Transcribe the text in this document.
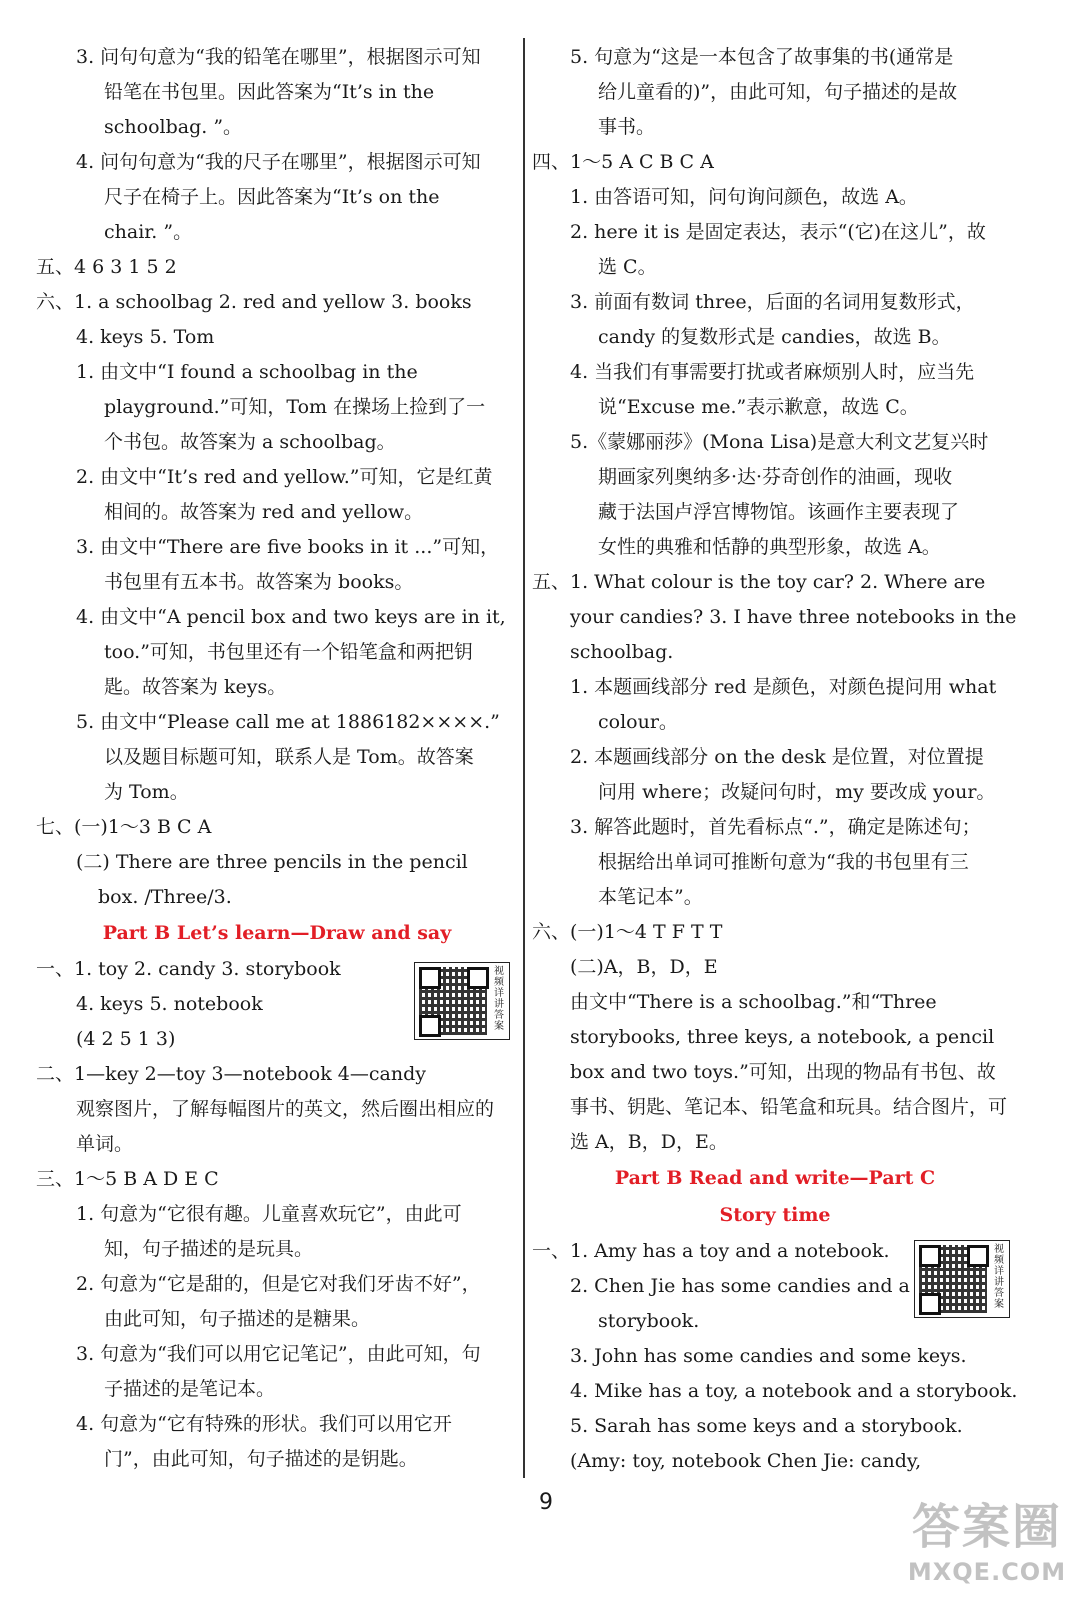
3. 问句句意为“我的铅笔在哪里”，根据图示可知
铅笔在书包里。因此答案为“It’s in the
schoolbag. ”。
4. 问句句意为“我的尺子在哪里”，根据图示可知
尺子在椅子上。因此答案为“It’s on the
chair. ”。
五、4 6 3 1 5 2
六、1. a schoolbag 2. red and yellow 3. books
4. keys 5. Tom
1. 由文中“I found a schoolbag in the
playground.”可知，Tom 在操场上捡到了一
个书包。故答案为 a schoolbag。
2. 由文中“It’s red and yellow.”可知，它是红黄
相间的。故答案为 red and yellow。
3. 由文中“There are five books in it ...”可知，
书包里有五本书。故答案为 books。
4. 由文中“A pencil box and two keys are in it,
too.”可知，书包里还有一个铅笔盒和两把钥
匙。故答案为 keys。
5. 由文中“Please call me at 1886182××××.”
以及题目标题可知，联系人是 Tom。故答案
为 Tom。
七、(一)1～3 B C A
(二) There are three pencils in the pencil
box. /Three/3.
Part B Let’s learn—Draw and say
一、1. toy 2. candy 3. storybook
4. keys 5. notebook
(4 2 5 1 3)
二、1—key 2—toy 3—notebook 4—candy
观察图片，了解每幅图片的英文，然后圈出相应的
单词。
三、1～5 B A D E C
1. 句意为“它很有趣。儿童喜欢玩它”，由此可
知，句子描述的是玩具。
2. 句意为“它是甜的，但是它对我们牙齿不好”，
由此可知，句子描述的是糖果。
3. 句意为“我们可以用它记笔记”，由此可知，句
子描述的是笔记本。
4. 句意为“它有特殊的形状。我们可以用它开
门”，由此可知，句子描述的是钥匙。
5. 句意为“这是一本包含了故事集的书(通常是
给儿童看的)”，由此可知，句子描述的是故
事书。
四、1～5 A C B C A
1. 由答语可知，问句询问颜色，故选 A。
2. here it is 是固定表达，表示“(它)在这儿”，故
选 C。
3. 前面有数词 three，后面的名词用复数形式，
candy 的复数形式是 candies，故选 B。
4. 当我们有事需要打扰或者麻烦别人时，应当先
说“Excuse me.”表示歉意，故选 C。
5.《蒙娜丽莎》(Mona Lisa)是意大利文艺复兴时
期画家列奥纳多·达·芬奇创作的油画，现收
藏于法国卢浮宫博物馆。该画作主要表现了
女性的典雅和恬静的典型形象，故选 A。
五、1. What colour is the toy car? 2. Where are
your candies? 3. I have three notebooks in the
schoolbag.
1. 本题画线部分 red 是颜色，对颜色提问用 what
colour。
2. 本题画线部分 on the desk 是位置，对位置提
问用 where；改疑问句时，my 要改成 your。
3. 解答此题时，首先看标点“.”，确定是陈述句；
根据给出单词可推断句意为“我的书包里有三
本笔记本”。
六、(一)1～4 T F T T
(二)A，B，D，E
由文中“There is a schoolbag.”和“Three
storybooks, three keys, a notebook, a pencil
box and two toys.”可知，出现的物品有书包、故
事书、钥匙、笔记本、铅笔盒和玩具。结合图片，可
选 A，B，D，E。
Part B Read and write—Part C
Story time
一、1. Amy has a toy and a notebook.
2. Chen Jie has some candies and a
storybook.
3. John has some candies and some keys.
4. Mike has a toy, a notebook and a storybook.
5. Sarah has some keys and a storybook.
(Amy: toy, notebook Chen Jie: candy,
视频详讲答案
视频详讲答案
9	答案圈
MXQE.COM
